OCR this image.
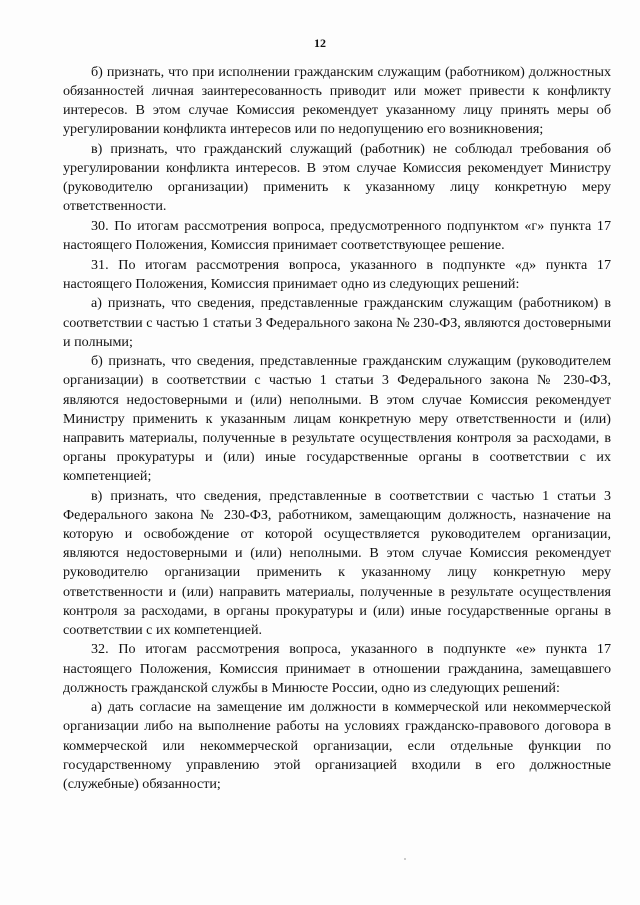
12

б) признать, что при исполнении гражданским служащим (работником) должностных обязанностей личная заинтересованность приводит или может привести к конфликту интересов. В этом случае Комиссия рекомендует указанному лицу принять меры об урегулировании конфликта интересов или по недопущению его возникновения;

в) признать, что гражданский служащий (работник) не соблюдал требования об урегулировании конфликта интересов. В этом случае Комиссия рекомендует Министру (руководителю организации) применить к указанному лицу конкретную меру ответственности.

30. По итогам рассмотрения вопроса, предусмотренного подпунктом «г» пункта 17 настоящего Положения, Комиссия принимает соответствующее решение.

31. По итогам рассмотрения вопроса, указанного в подпункте «д» пункта 17 настоящего Положения, Комиссия принимает одно из следующих решений:

а) признать, что сведения, представленные гражданским служащим (работником) в соответствии с частью 1 статьи 3 Федерального закона № 230-ФЗ, являются достоверными и полными;

б) признать, что сведения, представленные гражданским служащим (руководителем организации) в соответствии с частью 1 статьи 3 Федерального закона № 230-ФЗ, являются недостоверными и (или) неполными. В этом случае Комиссия рекомендует Министру применить к указанным лицам конкретную меру ответственности и (или) направить материалы, полученные в результате осуществления контроля за расходами, в органы прокуратуры и (или) иные государственные органы в соответствии с их компетенцией;

в) признать, что сведения, представленные в соответствии с частью 1 статьи 3 Федерального закона № 230-ФЗ, работником, замещающим должность, назначение на которую и освобождение от которой осуществляется руководителем организации, являются недостоверными и (или) неполными. В этом случае Комиссия рекомендует руководителю организации применить к указанному лицу конкретную меру ответственности и (или) направить материалы, полученные в результате осуществления контроля за расходами, в органы прокуратуры и (или) иные государственные органы в соответствии с их компетенцией.

32. По итогам рассмотрения вопроса, указанного в подпункте «е» пункта 17 настоящего Положения, Комиссия принимает в отношении гражданина, замещавшего должность гражданской службы в Минюсте России, одно из следующих решений:

а) дать согласие на замещение им должности в коммерческой или некоммерческой организации либо на выполнение работы на условиях гражданско-правового договора в коммерческой или некоммерческой организации, если отдельные функции по государственному управлению этой организацией входили в его должностные (служебные) обязанности;
